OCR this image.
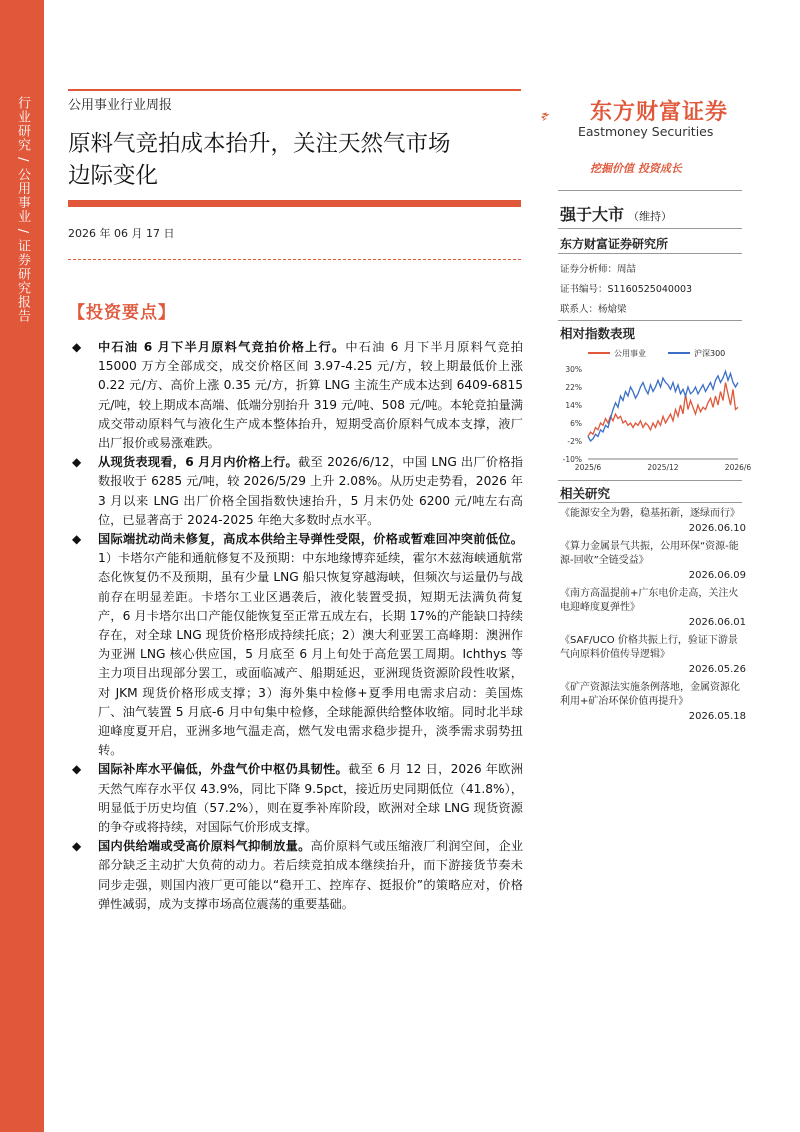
行业研究 / 公用事业 / 证券研究报告	公用事业行业周报
原料气竞拍成本抬升，关注天然气市场
边际变化
2026 年 06 月 17 日
【投资要点】
◆ 中石油 6 月下半月原料气竞拍价格上行。中石油 6 月下半月原料气竞拍 15000 万方全部成交，成交价格区间 3.97-4.25 元/方，较上期最低价上涨 0.22 元/方、高价上涨 0.35 元/方，折算 LNG 主流生产成本达到 6409-6815 元/吨，较上期成本高端、低端分别抬升 319 元/吨、508 元/吨。本轮竞拍量满成交带动原料气与液化生产成本整体抬升，短期受高价原料气成本支撑，液厂出厂报价或易涨难跌。
◆ 从现货表现看，6 月月内价格上行。截至 2026/6/12，中国 LNG 出厂价格指数报收于 6285 元/吨，较 2026/5/29 上升 2.08%。从历史走势看，2026 年 3 月以来 LNG 出厂价格全国指数快速抬升，5 月末仍处 6200 元/吨左右高位，已显著高于 2024-2025 年绝大多数时点水平。
◆ 国际端扰动尚未修复，高成本供给主导弹性受限，价格或暂难回冲突前低位。1）卡塔尔产能和通航修复不及预期：中东地缘博弈延续，霍尔木兹海峡通航常态化恢复仍不及预期，虽有少量 LNG 船只恢复穿越海峡，但频次与运量仍与战前存在明显差距。卡塔尔工业区遇袭后，液化装置受损，短期无法满负荷复产，6 月卡塔尔出口产能仅能恢复至正常五成左右，长期 17%的产能缺口持续存在，对全球 LNG 现货价格形成持续托底；2）澳大利亚罢工高峰期：澳洲作为亚洲 LNG 核心供应国，5 月底至 6 月上旬处于高危罢工周期。Ichthys 等主力项目出现部分罢工，或面临减产、船期延迟，亚洲现货资源阶段性收紧，对 JKM 现货价格形成支撑；3）海外集中检修+夏季用电需求启动：美国炼厂、油气装置 5 月底-6 月中旬集中检修，全球能源供给整体收缩。同时北半球迎峰度夏开启，亚洲多地气温走高，燃气发电需求稳步提升，淡季需求弱势扭转。
◆ 国际补库水平偏低，外盘气价中枢仍具韧性。截至 6 月 12 日，2026 年欧洲天然气库存水平仅 43.9%，同比下降 9.5pct，接近历史同期低位（41.8%），明显低于历史均值（57.2%），则在夏季补库阶段，欧洲对全球 LNG 现货资源的争夺或将持续，对国际气价形成支撑。
◆ 国内供给端或受高价原料气抑制放量。高价原料气或压缩液厂利润空间，企业部分缺乏主动扩大负荷的动力。若后续竞拍成本继续抬升，而下游接货节奏未同步走强，则国内液厂更可能以“稳开工、控库存、挺报价”的策略应对，价格弹性减弱，成为支撑市场高位震荡的重要基础。
东方财富证券
Eastmoney Securities
挖掘价值 投资成长
强于大市 （维持）
东方财富证券研究所
证券分析师：周喆
证书编号：S1160525040003
联系人：杨熗梁
相对指数表现
30%
22%
14%
6%
-2%
-10%
2025/6	2025/12	2026/6
公用事业	沪深300
相关研究
《能源安全为磐，稳基拓新，逐绿而行》
2026.06.10
《算力金属景气共振，公用环保“资源-能源-回收”全链受益》
2026.06.09
《南方高温提前+广东电价走高，关注火电迎峰度夏弹性》
2026.06.01
《SAF/UCO 价格共振上行，验证下游景气向原料价值传导逻辑》
2026.05.26
《矿产资源法实施条例落地，金属资源化利用+矿冶环保价值再提升》
2026.05.18
